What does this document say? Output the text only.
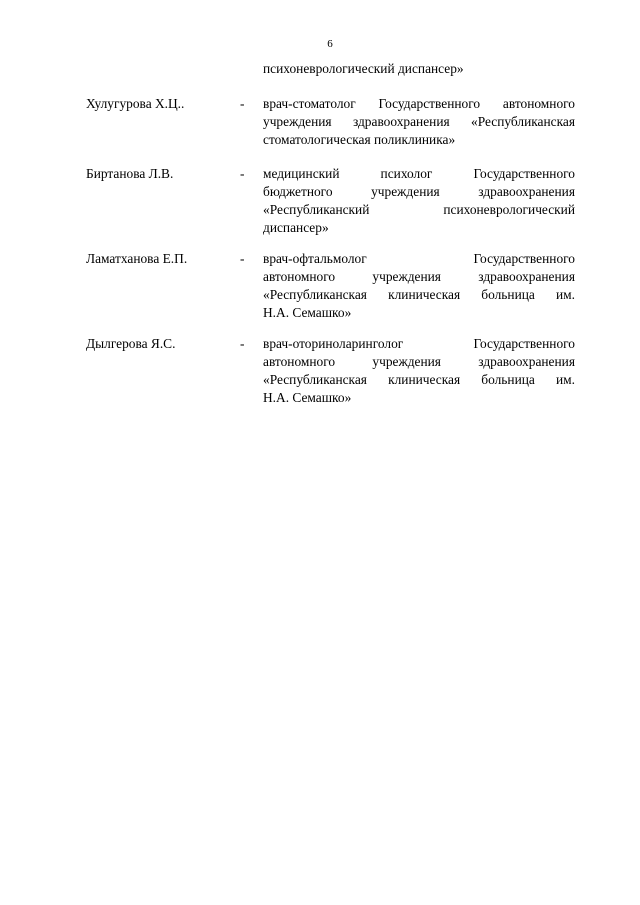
6
психоневрологический диспансер»
Хулугурова Х.Ц..	- врач-стоматолог Государственного автономного
учреждения здравоохранения «Республиканская
стоматологическая поликлиника»
Биртанова Л.В.	- медицинский психолог Государственного
бюджетного учреждения здравоохранения
«Республиканский психоневрологический
диспансер»
Ламатханова Е.П.	- врач-офтальмолог Государственного
автономного учреждения здравоохранения
«Республиканская клиническая больница им.
Н.А. Семашко»
Дылгерова Я.С.	- врач-оториноларинголог Государственного
автономного учреждения здравоохранения
«Республиканская клиническая больница им.
Н.А. Семашко»
